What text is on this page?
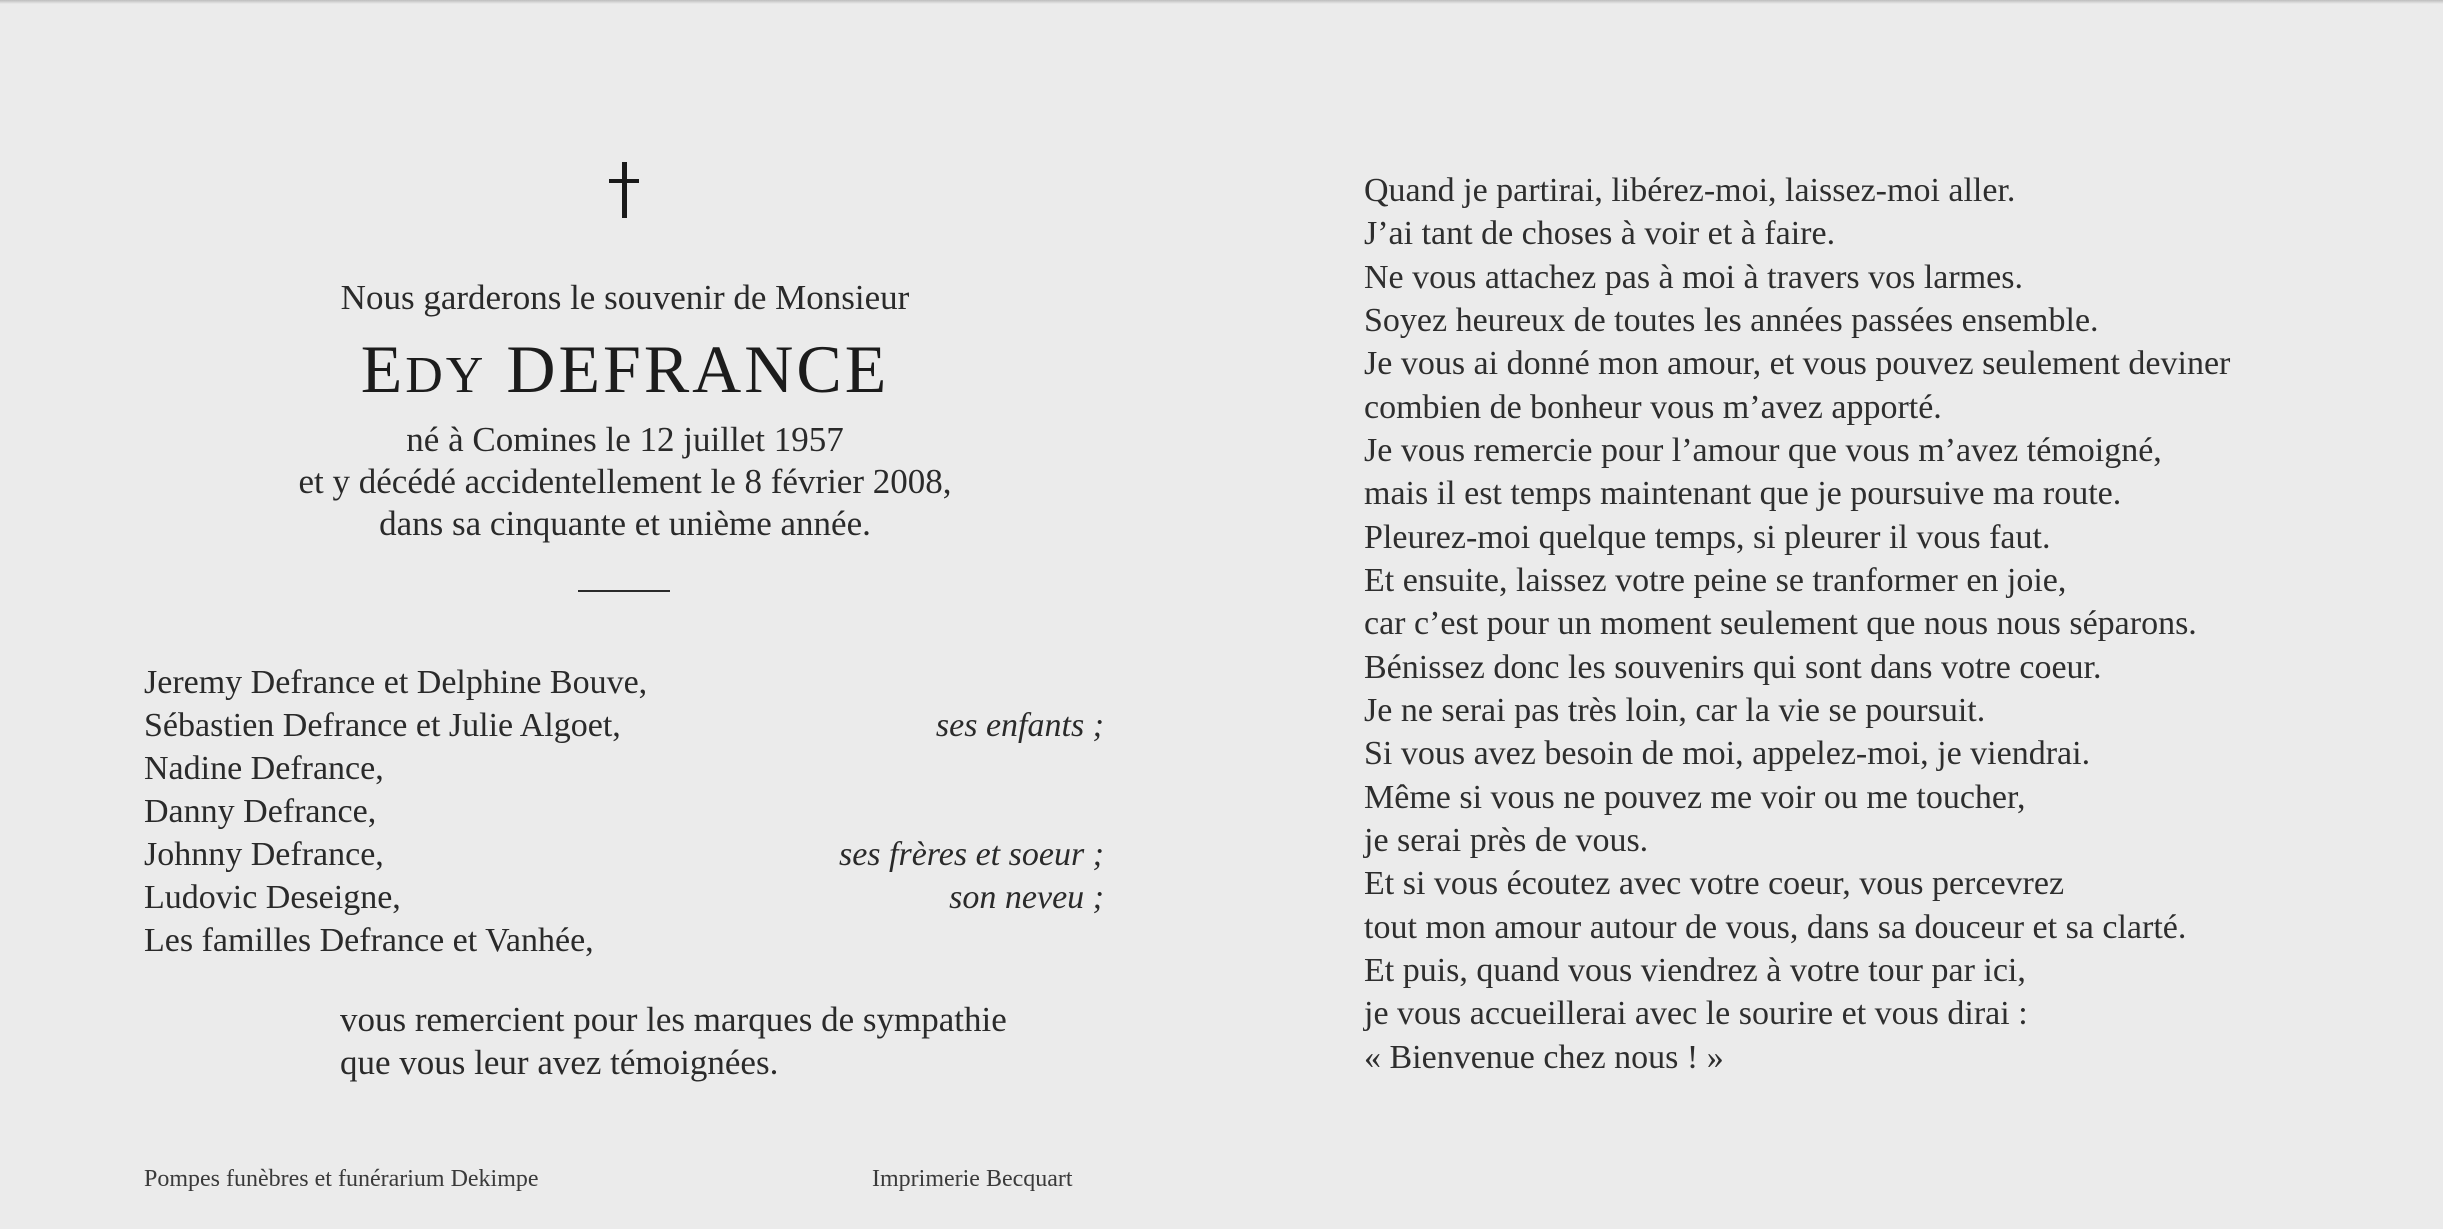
Nous garderons le souvenir de Monsieur
EDY DEFRANCE
né à Comines le 12 juillet 1957
et y décédé accidentellement le 8 février 2008,
dans sa cinquante et unième année.
Jeremy Defrance et Delphine Bouve,
Sébastien Defrance et Julie Algoet,	ses enfants ;
Nadine Defrance,
Danny Defrance,
Johnny Defrance,	ses frères et soeur ;
Ludovic Deseigne,	son neveu ;
Les familles Defrance et Vanhée,
vous remercient pour les marques de sympathie
que vous leur avez témoignées.
Pompes funèbres et funérarium Dekimpe	Imprimerie Becquart
Quand je partirai, libérez-moi, laissez-moi aller.
J’ai tant de choses à voir et à faire.
Ne vous attachez pas à moi à travers vos larmes.
Soyez heureux de toutes les années passées ensemble.
Je vous ai donné mon amour, et vous pouvez seulement deviner
combien de bonheur vous m’avez apporté.
Je vous remercie pour l’amour que vous m’avez témoigné,
mais il est temps maintenant que je poursuive ma route.
Pleurez-moi quelque temps, si pleurer il vous faut.
Et ensuite, laissez votre peine se tranformer en joie,
car c’est pour un moment seulement que nous nous séparons.
Bénissez donc les souvenirs qui sont dans votre coeur.
Je ne serai pas très loin, car la vie se poursuit.
Si vous avez besoin de moi, appelez-moi, je viendrai.
Même si vous ne pouvez me voir ou me toucher,
je serai près de vous.
Et si vous écoutez avec votre coeur, vous percevrez
tout mon amour autour de vous, dans sa douceur et sa clarté.
Et puis, quand vous viendrez à votre tour par ici,
je vous accueillerai avec le sourire et vous dirai :
« Bienvenue chez nous ! »
